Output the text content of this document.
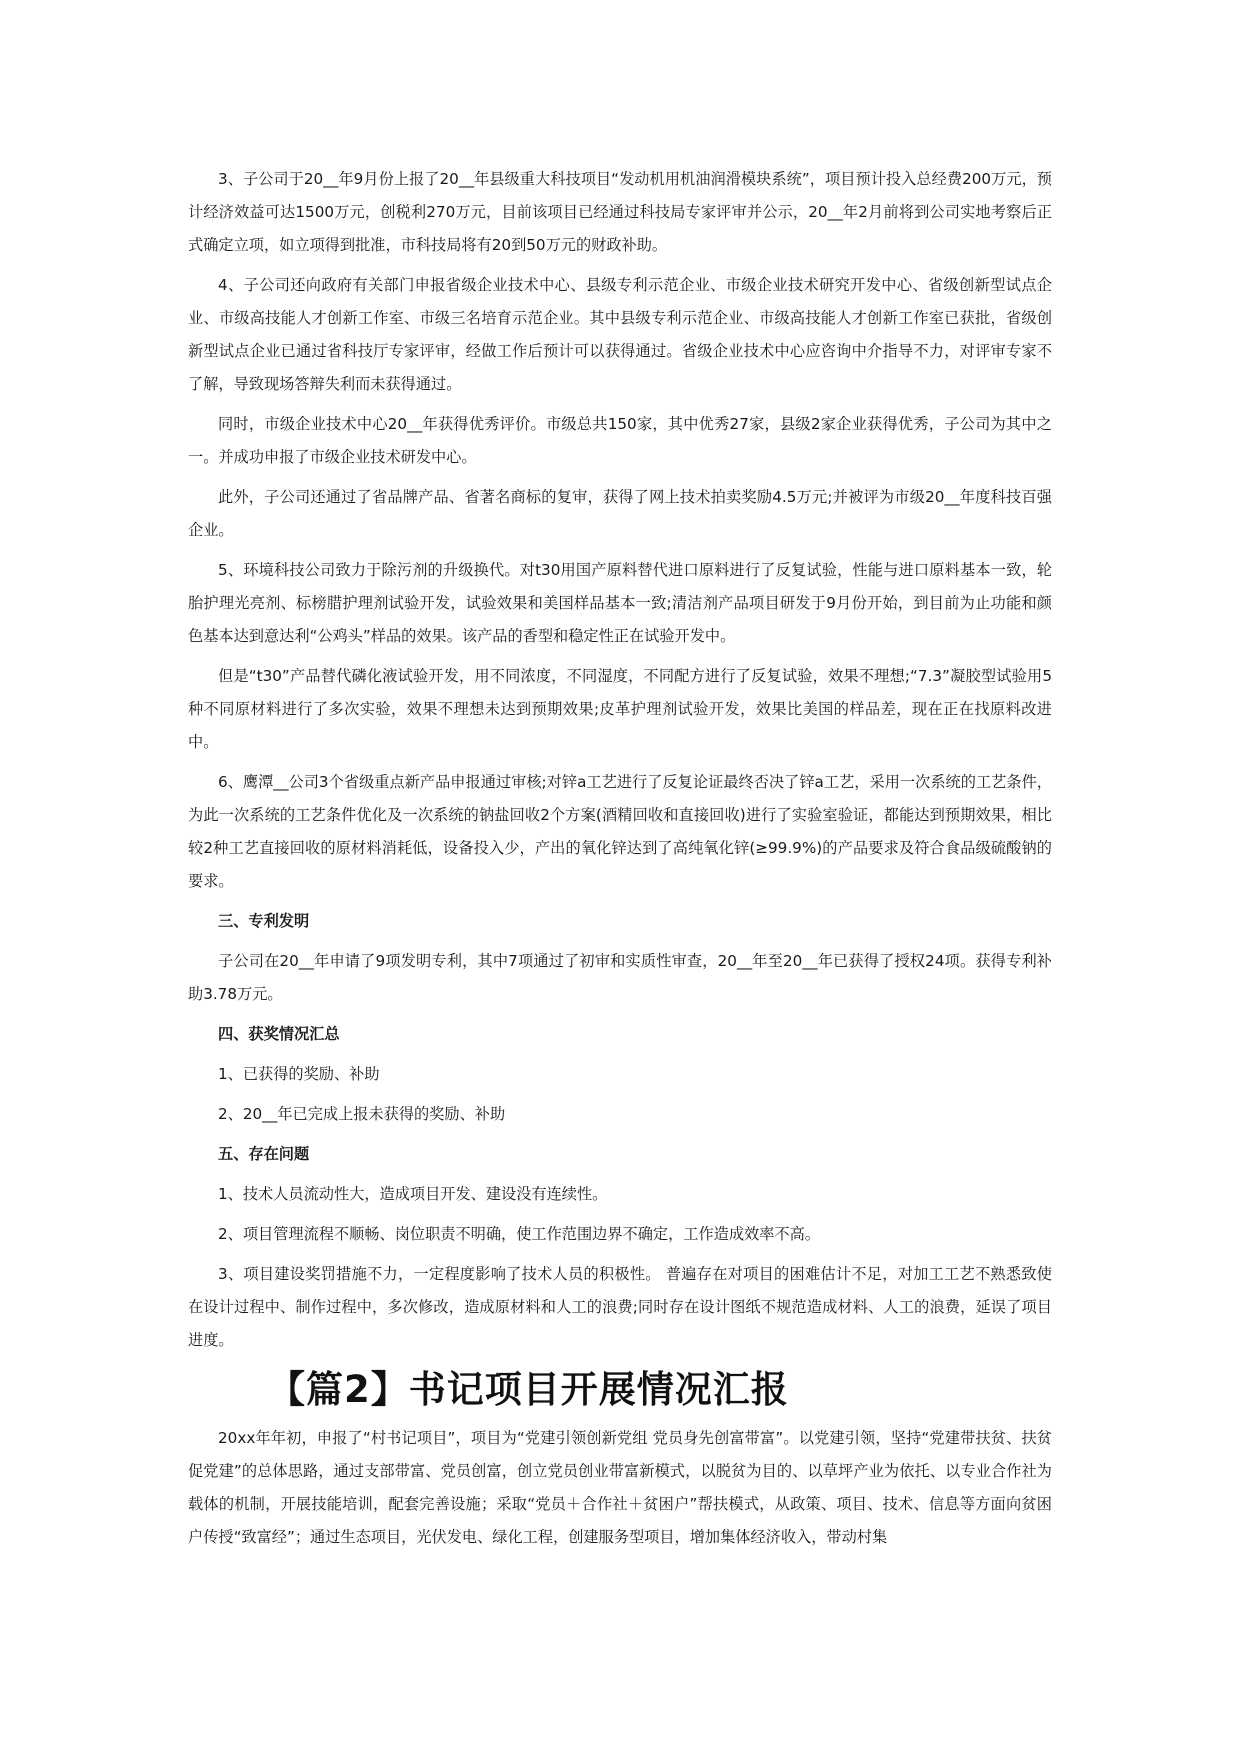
3、子公司于20__年9月份上报了20__年县级重大科技项目“发动机用机油润滑模块系统”，项目预计投入总经费200万元，预计经济效益可达1500万元，创税利270万元，目前该项目已经通过科技局专家评审并公示，20__年2月前将到公司实地考察后正式确定立项，如立项得到批准，市科技局将有20到50万元的财政补助。

4、子公司还向政府有关部门申报省级企业技术中心、县级专利示范企业、市级企业技术研究开发中心、省级创新型试点企业、市级高技能人才创新工作室、市级三名培育示范企业。其中县级专利示范企业、市级高技能人才创新工作室已获批，省级创新型试点企业已通过省科技厅专家评审，经做工作后预计可以获得通过。省级企业技术中心应咨询中介指导不力，对评审专家不了解，导致现场答辩失利而未获得通过。

同时，市级企业技术中心20__年获得优秀评价。市级总共150家，其中优秀27家，县级2家企业获得优秀，子公司为其中之一。并成功申报了市级企业技术研发中心。

此外，子公司还通过了省品牌产品、省著名商标的复审，获得了网上技术拍卖奖励4.5万元;并被评为市级20__年度科技百强企业。

5、环境科技公司致力于除污剂的升级换代。对t30用国产原料替代进口原料进行了反复试验，性能与进口原料基本一致，轮胎护理光亮剂、标榜腊护理剂试验开发，试验效果和美国样品基本一致;清洁剂产品项目研发于9月份开始，到目前为止功能和颜色基本达到意达利“公鸡头”样品的效果。该产品的香型和稳定性正在试验开发中。

但是“t30”产品替代磷化液试验开发，用不同浓度，不同湿度，不同配方进行了反复试验，效果不理想;“7.3”凝胶型试验用5种不同原材料进行了多次实验，效果不理想未达到预期效果;皮革护理剂试验开发，效果比美国的样品差，现在正在找原料改进中。

6、鹰潭__公司3个省级重点新产品申报通过审核;对锌a工艺进行了反复论证最终否决了锌a工艺，采用一次系统的工艺条件，为此一次系统的工艺条件优化及一次系统的钠盐回收2个方案(酒精回收和直接回收)进行了实验室验证，都能达到预期效果，相比较2种工艺直接回收的原材料消耗低，设备投入少，产出的氧化锌达到了高纯氧化锌(≥99.9%)的产品要求及符合食品级硫酸钠的要求。

三、专利发明

子公司在20__年申请了9项发明专利，其中7项通过了初审和实质性审查，20__年至20__年已获得了授权24项。获得专利补助3.78万元。

四、获奖情况汇总
1、已获得的奖励、补助
2、20__年已完成上报未获得的奖励、补助
五、存在问题
1、技术人员流动性大，造成项目开发、建设没有连续性。
2、项目管理流程不顺畅、岗位职责不明确，使工作范围边界不确定，工作造成效率不高。

3、项目建设奖罚措施不力，一定程度影响了技术人员的积极性。 普遍存在对项目的困难估计不足，对加工工艺不熟悉致使在设计过程中、制作过程中，多次修改，造成原材料和人工的浪费;同时存在设计图纸不规范造成材料、人工的浪费，延误了项目进度。

【篇2】书记项目开展情况汇报

20xx年年初，申报了“村书记项目”，项目为“党建引领创新党组 党员身先创富带富”。以党建引领，坚持“党建带扶贫、扶贫促党建”的总体思路，通过支部带富、党员创富，创立党员创业带富新模式，以脱贫为目的、以草坪产业为依托、以专业合作社为载体的机制，开展技能培训，配套完善设施；采取“党员＋合作社＋贫困户”帮扶模式，从政策、项目、技术、信息等方面向贫困户传授“致富经”；通过生态项目，光伏发电、绿化工程，创建服务型项目，增加集体经济收入，带动村集
